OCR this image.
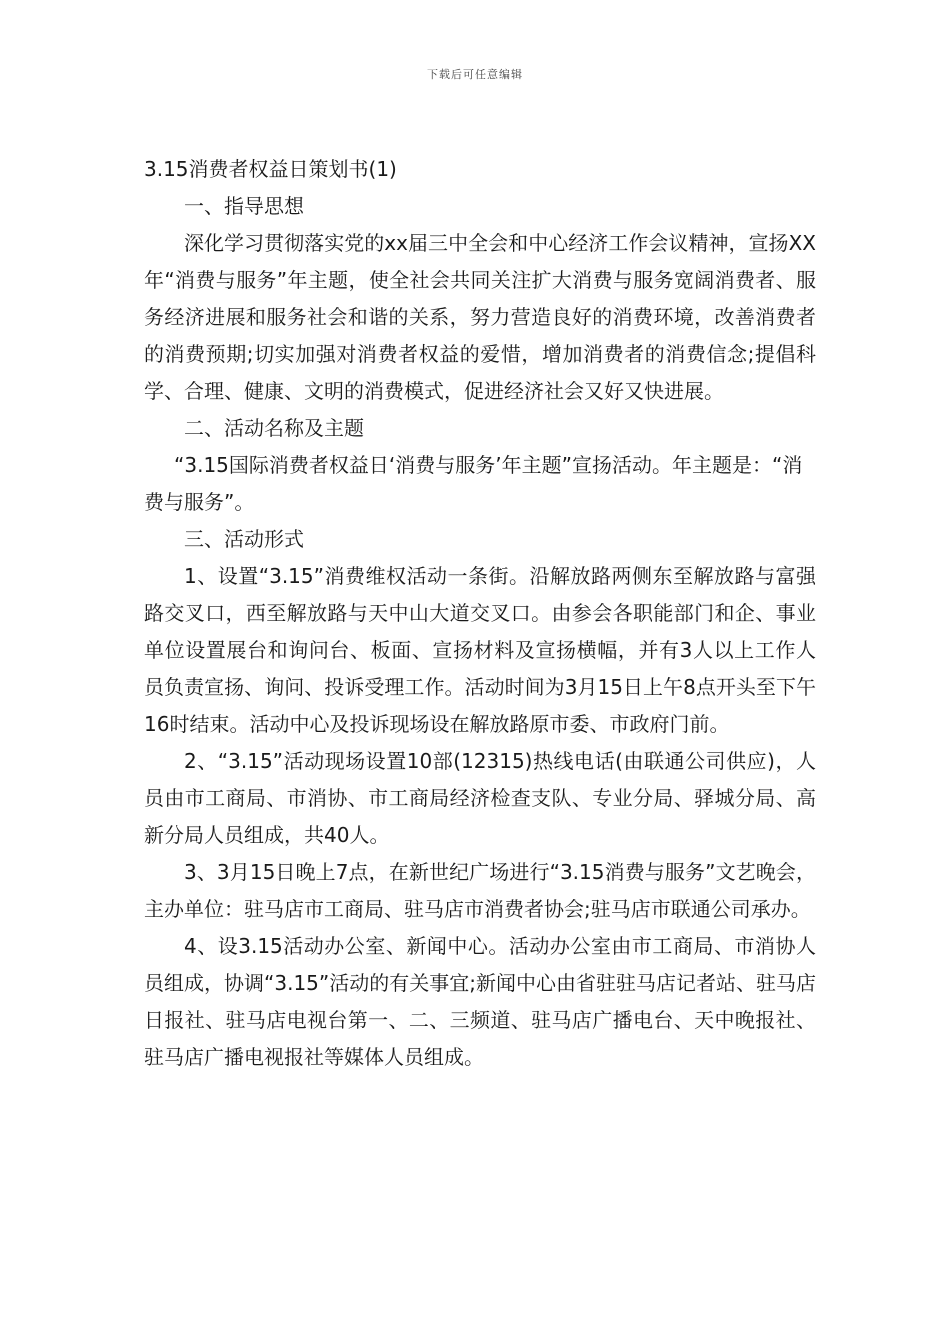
下载后可任意编辑
3.15消费者权益日策划书(1)

一、指导思想

深化学习贯彻落实党的xx届三中全会和中心经济工作会议精神，宣扬XX年“消费与服务”年主题，使全社会共同关注扩大消费与服务宽阔消费者、服务经济进展和服务社会和谐的关系，努力营造良好的消费环境，改善消费者的消费预期;切实加强对消费者权益的爱惜，增加消费者的消费信念;提倡科学、合理、健康、文明的消费模式，促进经济社会又好又快进展。

二、活动名称及主题

“3.15国际消费者权益日‘消费与服务’年主题”宣扬活动。年主题是：“消费与服务”。

三、活动形式

1、设置“3.15”消费维权活动一条街。沿解放路两侧东至解放路与富强路交叉口，西至解放路与天中山大道交叉口。由参会各职能部门和企、事业单位设置展台和询问台、板面、宣扬材料及宣扬横幅，并有3人以上工作人员负责宣扬、询问、投诉受理工作。活动时间为3月15日上午8点开头至下午16时结束。活动中心及投诉现场设在解放路原市委、市政府门前。

2、“3.15”活动现场设置10部(12315)热线电话(由联通公司供应)，人员由市工商局、市消协、市工商局经济检查支队、专业分局、驿城分局、高新分局人员组成，共40人。

3、3月15日晚上7点，在新世纪广场进行“3.15消费与服务”文艺晚会，主办单位：驻马店市工商局、驻马店市消费者协会;驻马店市联通公司承办。

4、设3.15活动办公室、新闻中心。活动办公室由市工商局、市消协人员组成，协调“3.15”活动的有关事宜;新闻中心由省驻驻马店记者站、驻马店日报社、驻马店电视台第一、二、三频道、驻马店广播电台、天中晚报社、驻马店广播电视报社等媒体人员组成。
